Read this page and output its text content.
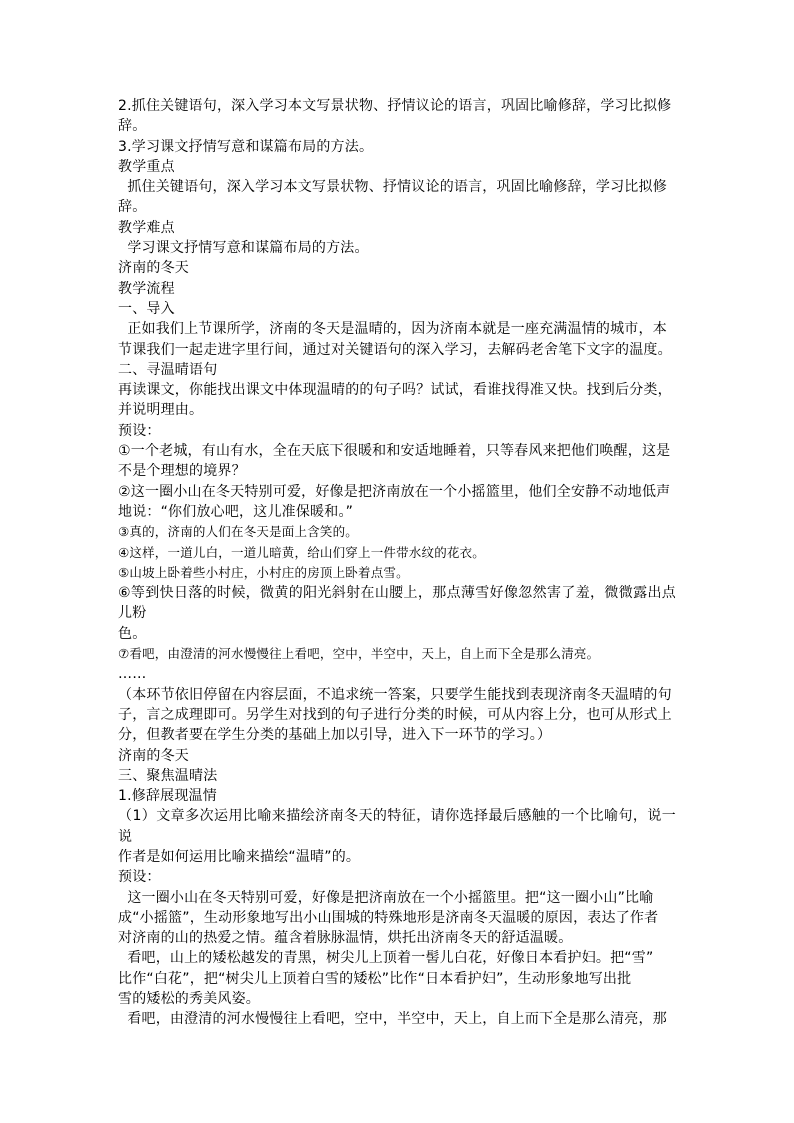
2.抓住关键语句，深入学习本文写景状物、抒情议论的语言，巩固比喻修辞，学习比拟修

辞。

3.学习课文抒情写意和谋篇布局的方法。

教学重点

抓住关键语句，深入学习本文写景状物、抒情议论的语言，巩固比喻修辞，学习比拟修

辞。

教学难点

学习课文抒情写意和谋篇布局的方法。

济南的冬天

教学流程

一、导入

正如我们上节课所学，济南的冬天是温晴的，因为济南本就是一座充满温情的城市，本

节课我们一起走进字里行间，通过对关键语句的深入学习，去解码老舍笔下文字的温度。

二、寻温晴语句

再读课文，你能找出课文中体现温晴的的句子吗？试试，看谁找得准又快。找到后分类，

并说明理由。

预设：

①一个老城，有山有水，全在天底下很暖和和安适地睡着，只等春风来把他们唤醒，这是

不是个理想的境界？

②这一圈小山在冬天特别可爱，好像是把济南放在一个小摇篮里，他们全安静不动地低声

地说：“你们放心吧，这儿准保暖和。”

③真的，济南的人们在冬天是面上含笑的。

④这样，一道儿白，一道儿暗黄，给山们穿上一件带水纹的花衣。

⑤山坡上卧着些小村庄，小村庄的房顶上卧着点雪。

⑥等到快日落的时候，微黄的阳光斜射在山腰上，那点薄雪好像忽然害了羞，微微露出点儿粉

色。

⑦看吧，由澄清的河水慢慢往上看吧，空中，半空中，天上，自上而下全是那么清亮。

……

（本环节依旧停留在内容层面，不追求统一答案，只要学生能找到表现济南冬天温晴的句

子，言之成理即可。另学生对找到的句子进行分类的时候，可从内容上分，也可从形式上

分，但教者要在学生分类的基础上加以引导，进入下一环节的学习。）

济南的冬天

三、聚焦温晴法

1.修辞展现温情

（1）文章多次运用比喻来描绘济南冬天的特征，请你选择最后感触的一个比喻句，说一说

作者是如何运用比喻来描绘“温晴”的。

预设：

这一圈小山在冬天特别可爱，好像是把济南放在一个小摇篮里。把“这一圈小山”比喻

成“小摇篮”，生动形象地写出小山围城的特殊地形是济南冬天温暖的原因，表达了作者

对济南的山的热爱之情。蕴含着脉脉温情，烘托出济南冬天的舒适温暖。

看吧，山上的矮松越发的青黑，树尖儿上顶着一髻儿白花，好像日本看护妇。把“雪”

比作“白花”，把“树尖儿上顶着白雪的矮松”比作“日本看护妇”，生动形象地写出批

雪的矮松的秀美风姿。

看吧，由澄清的河水慢慢往上看吧，空中，半空中，天上，自上而下全是那么清亮，那
